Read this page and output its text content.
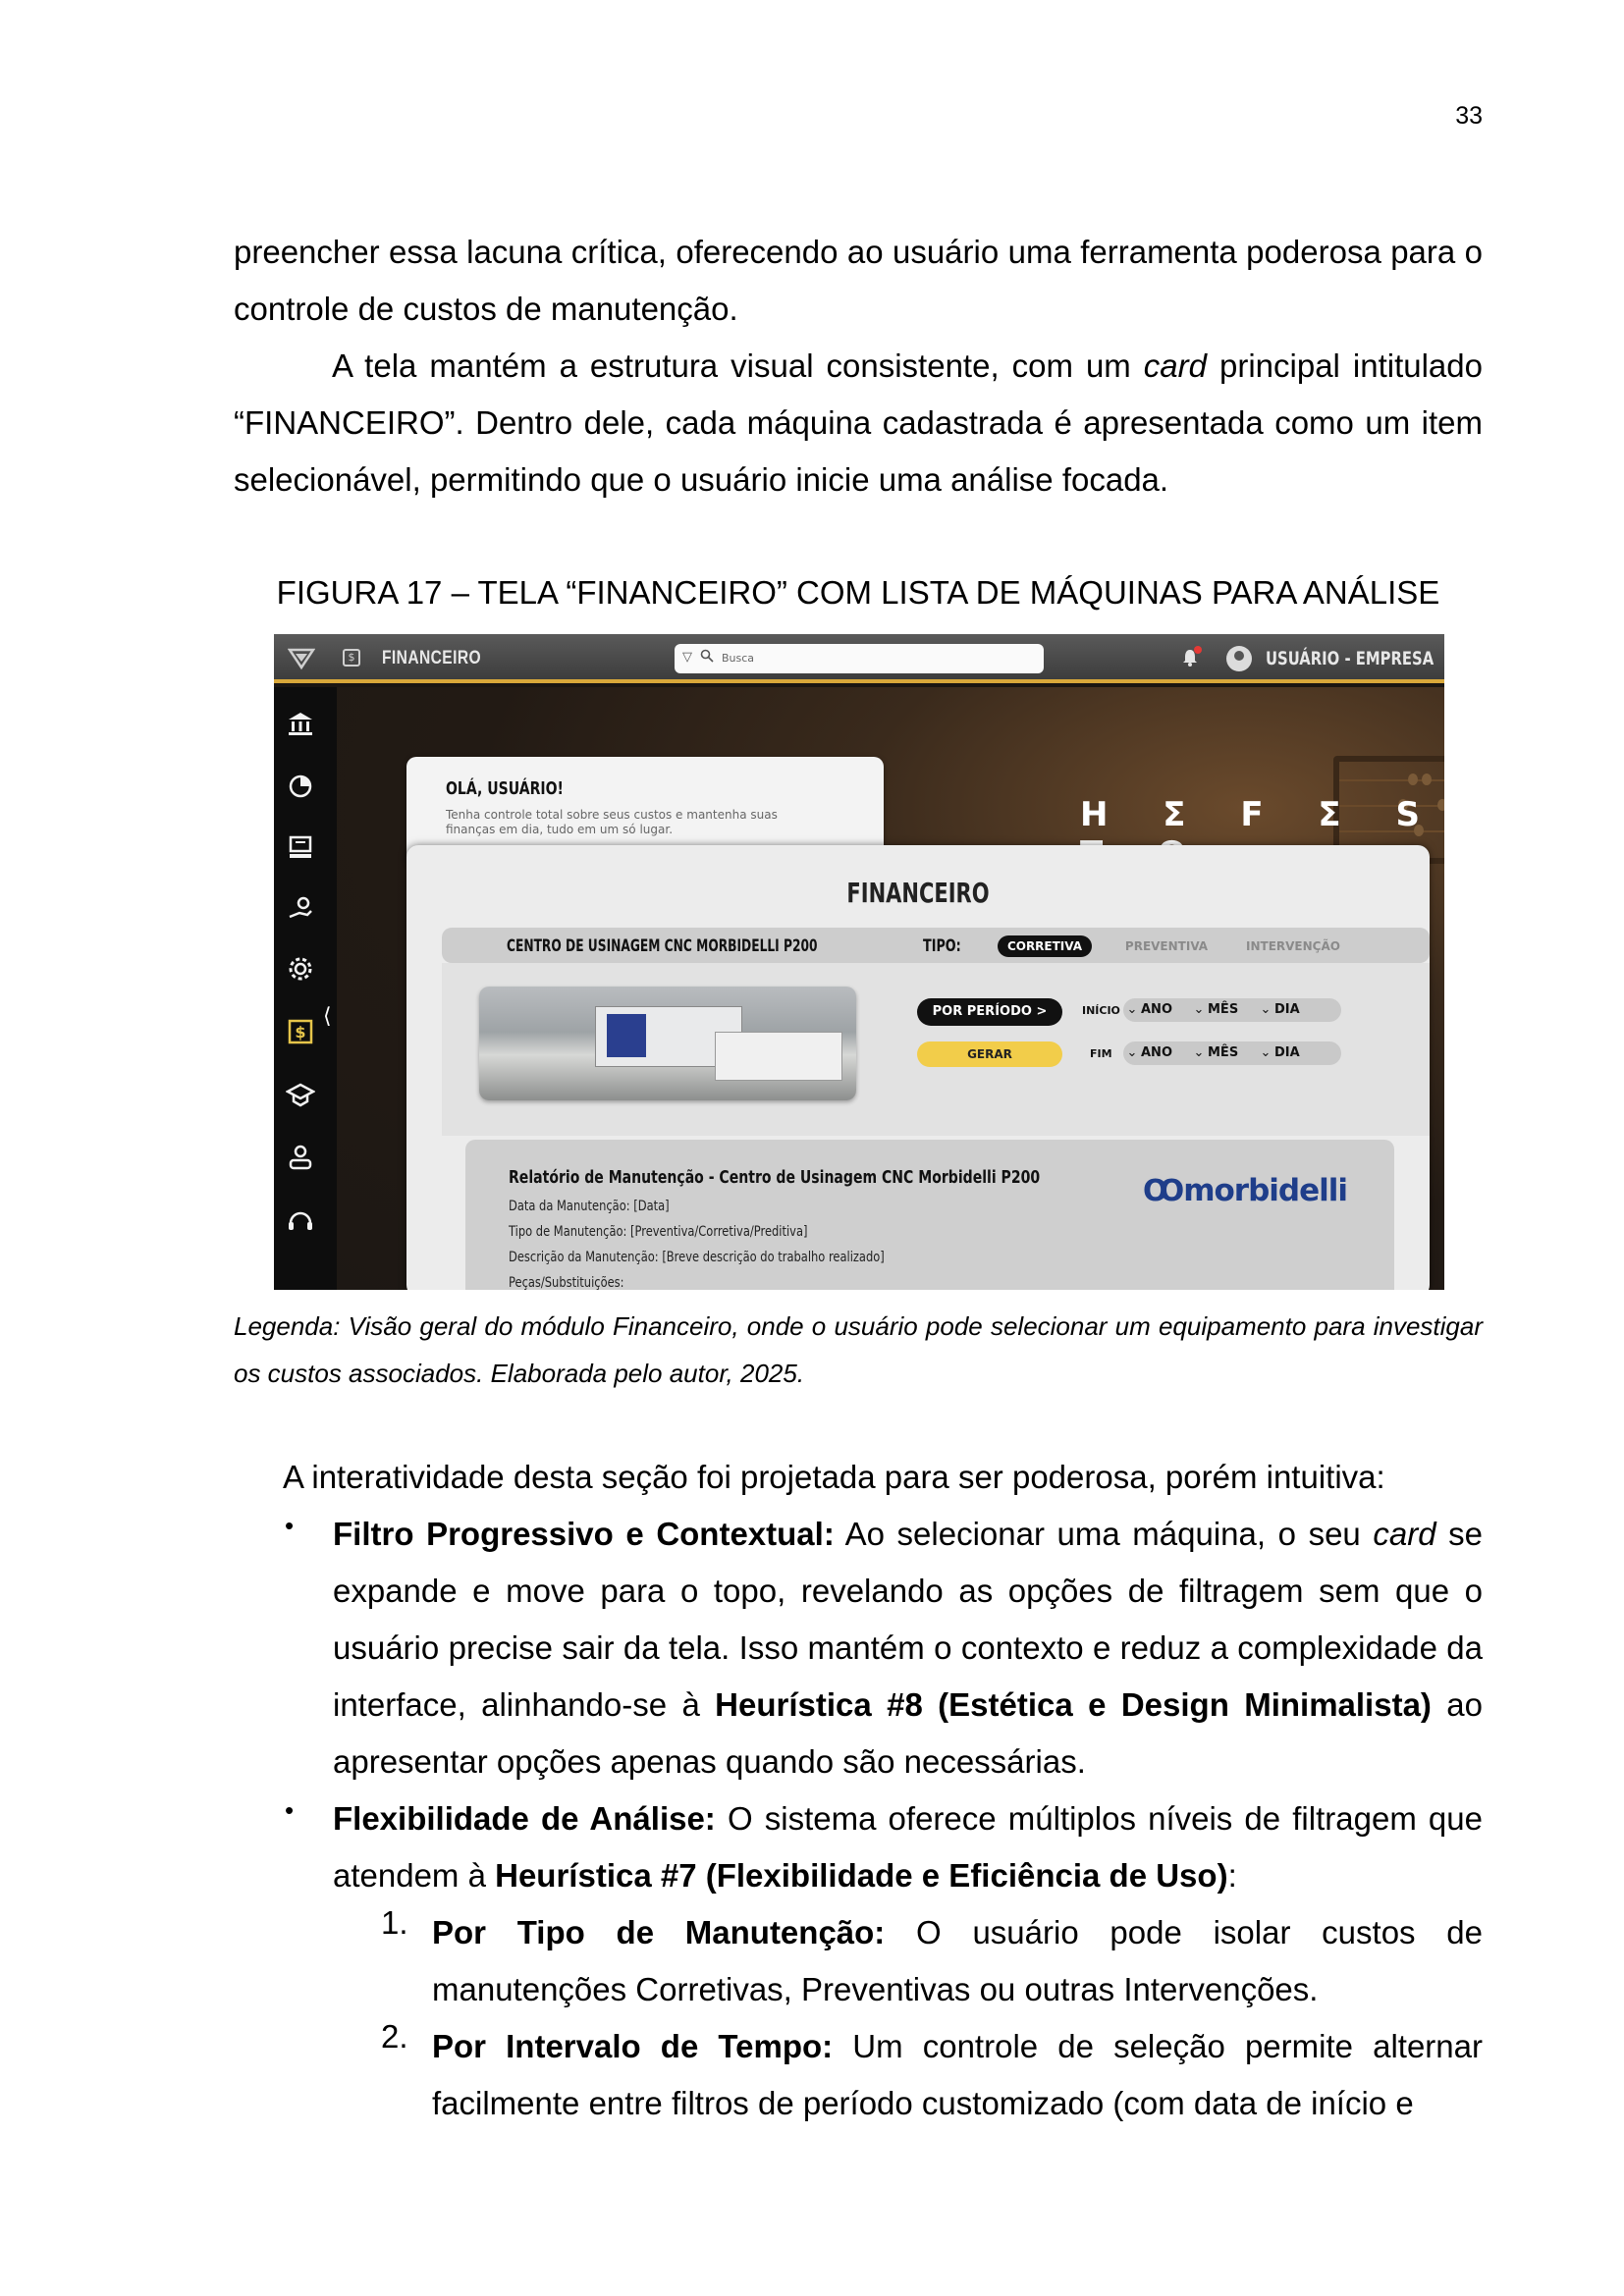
33

preencher essa lacuna crítica, oferecendo ao usuário uma ferramenta poderosa para o controle de custos de manutenção.

A tela mantém a estrutura visual consistente, com um card principal intitulado “FINANCEIRO”. Dentro dele, cada máquina cadastrada é apresentada como um item selecionável, permitindo que o usuário inicie uma análise focada.

FIGURA 17 – TELA “FINANCEIRO” COM LISTA DE MÁQUINAS PARA ANÁLISE
$ FINANCEIRO	▽	Busca	USUÁRIO - EMPRESA
⟨
$
H Σ F Σ S
OLÁ, USUÁRIO!
Tenha controle total sobre seus custos e mantenha suas finanças em dia, tudo em um só lugar.
FINANCEIRO
CENTRO DE USINAGEM CNC MORBIDELLI P200	TIPO:	CORRETIVA	PREVENTIVA	INTERVENÇÃO
POR PERÍODO >
GERAR
INÍCIO ⌄ ANO ⌄ MÊS ⌄ DIA
FIM ⌄ ANO ⌄ MÊS ⌄ DIA
Relatório de Manutenção - Centro de Usinagem CNC Morbidelli P200
Data da Manutenção: [Data]
Tipo de Manutenção: [Preventiva/Corretiva/Preditiva]
Descrição da Manutenção: [Breve descrição do trabalho realizado]
Peças/Substituições:
Ꝏmorbidelli
Legenda: Visão geral do módulo Financeiro, onde o usuário pode selecionar um equipamento para investigar os custos associados. Elaborada pelo autor, 2025.
A interatividade desta seção foi projetada para ser poderosa, porém intuitiva:
• Filtro Progressivo e Contextual: Ao selecionar uma máquina, o seu card se expande e move para o topo, revelando as opções de filtragem sem que o usuário precise sair da tela. Isso mantém o contexto e reduz a complexidade da interface, alinhando-se à Heurística #8 (Estética e Design Minimalista) ao apresentar opções apenas quando são necessárias.
• Flexibilidade de Análise: O sistema oferece múltiplos níveis de filtragem que atendem à Heurística #7 (Flexibilidade e Eficiência de Uso):
1. Por Tipo de Manutenção: O usuário pode isolar custos de manutenções Corretivas, Preventivas ou outras Intervenções.
2. Por Intervalo de Tempo: Um controle de seleção permite alternar facilmente entre filtros de período customizado (com data de início e
